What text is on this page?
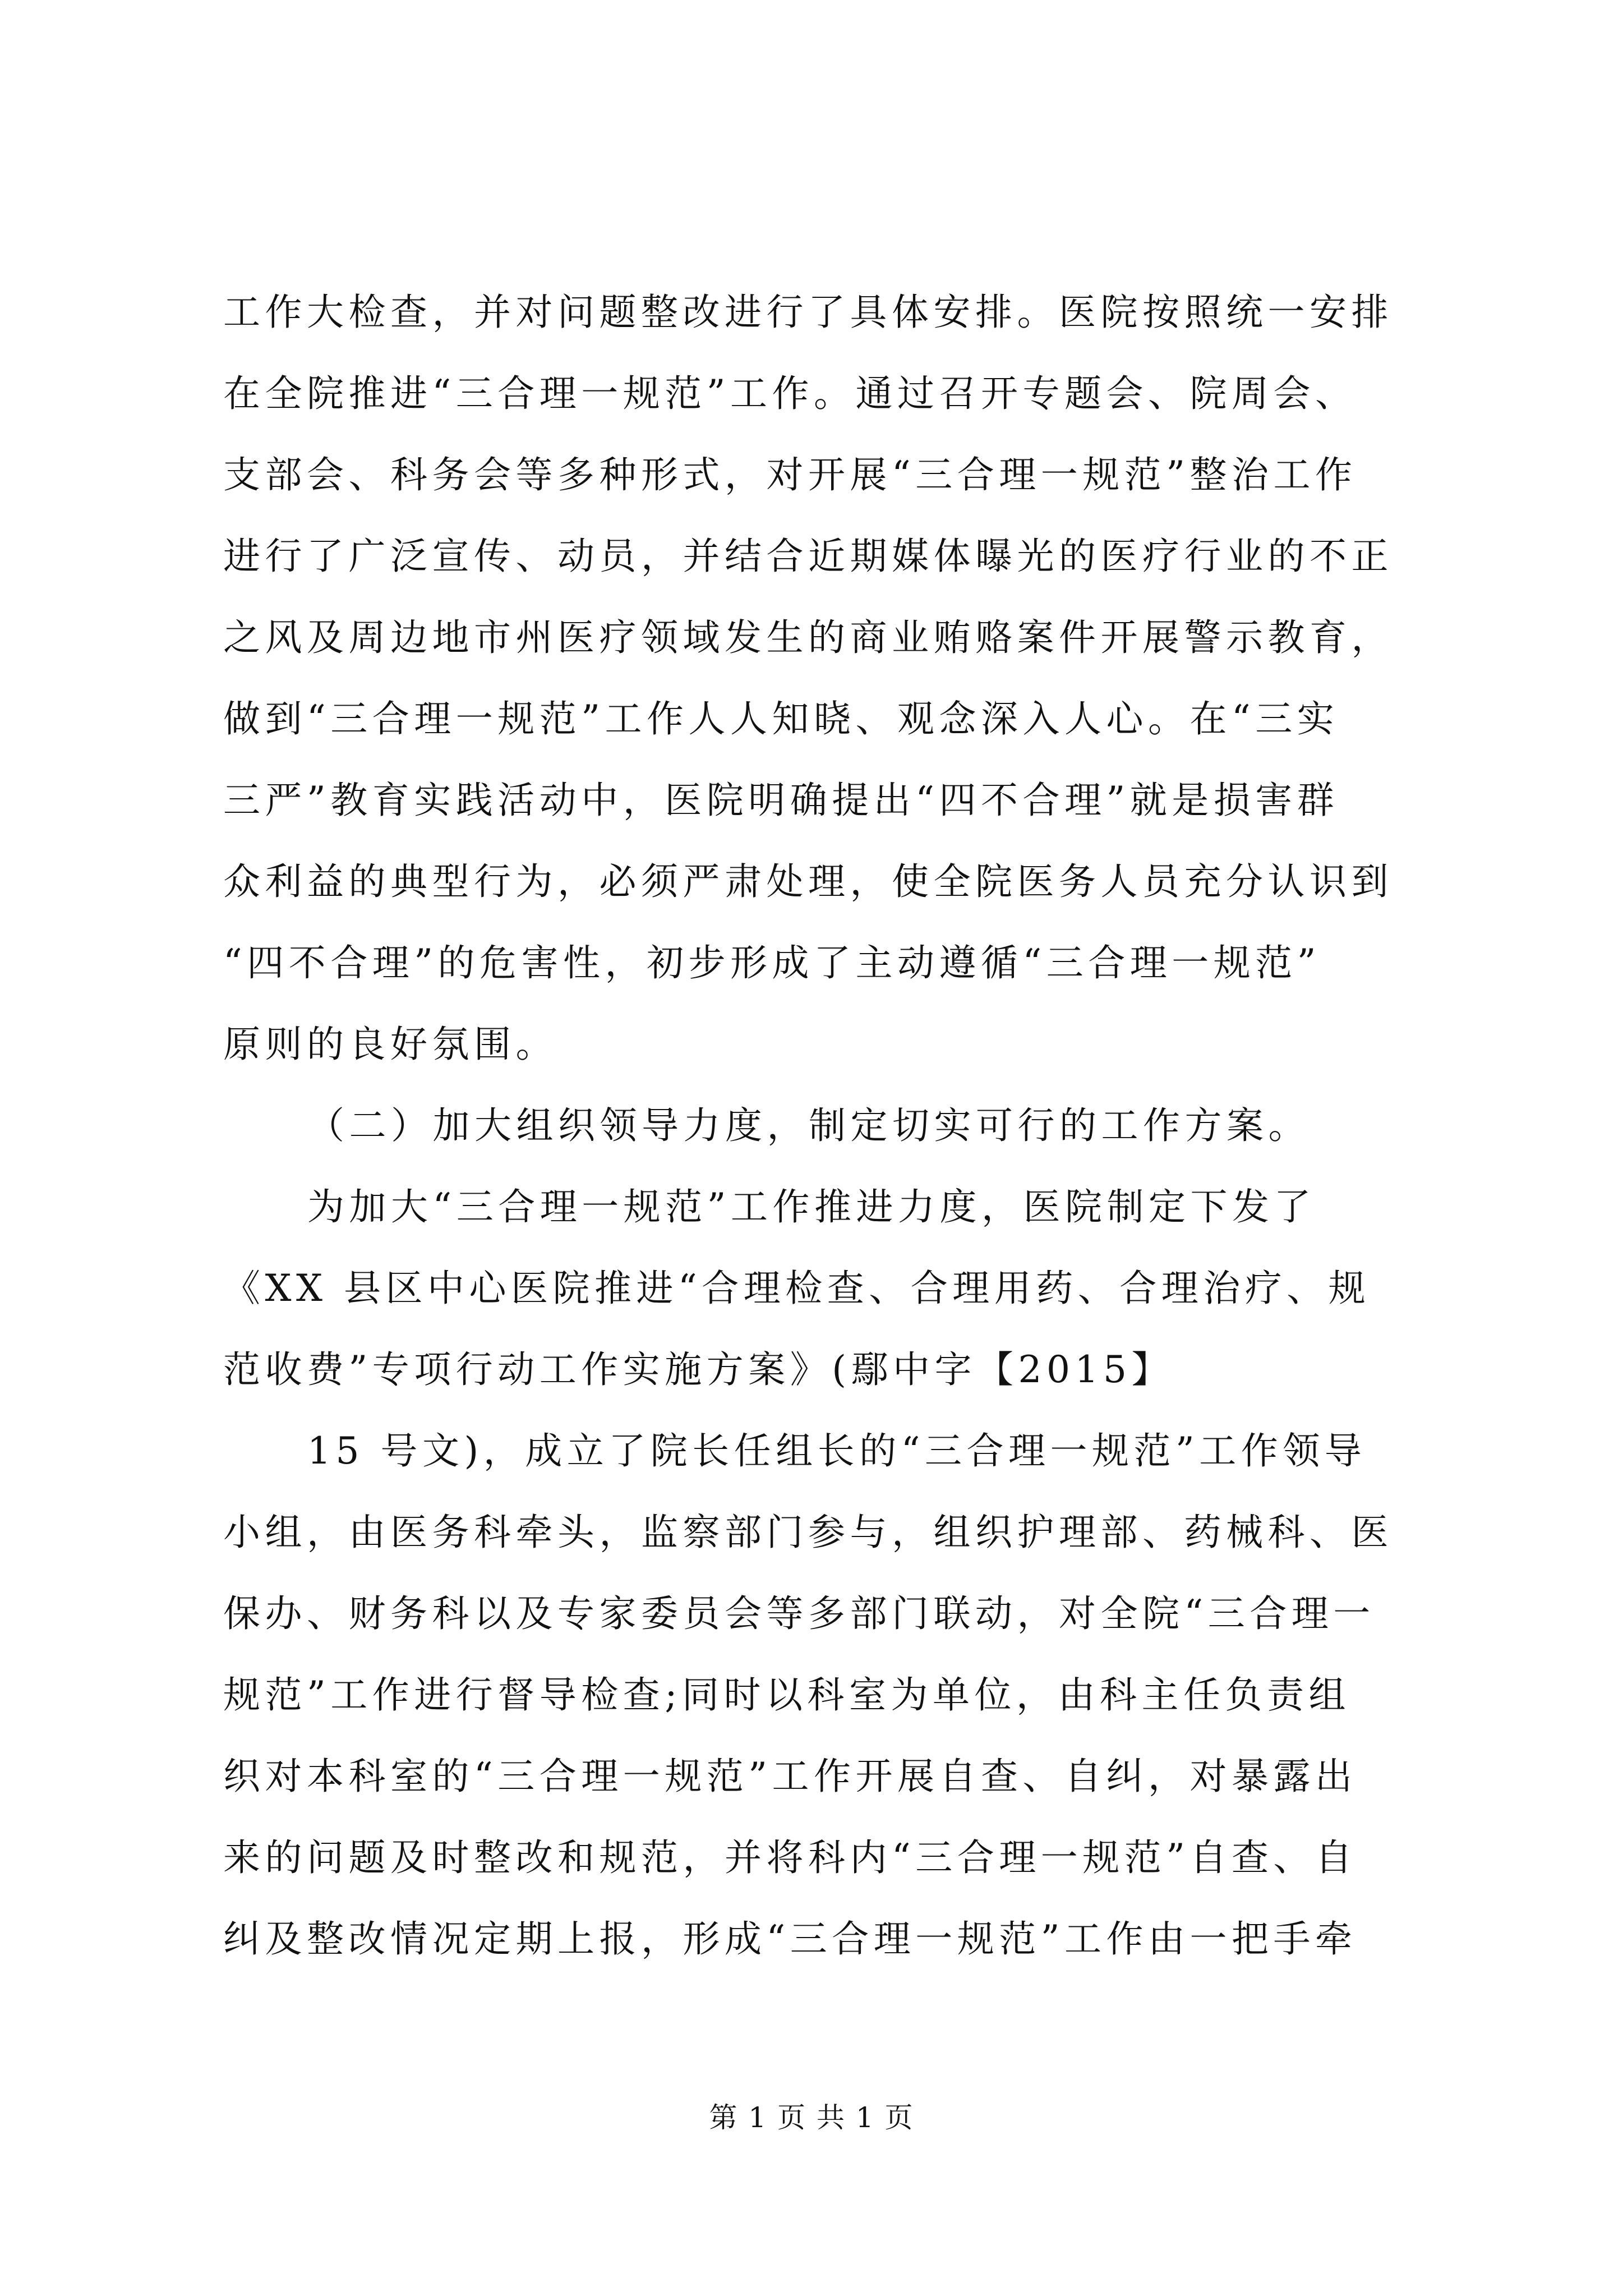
工作大检查，并对问题整改进行了具体安排。医院按照统一安排
在全院推进“三合理一规范”工作。通过召开专题会、院周会、
支部会、科务会等多种形式，对开展“三合理一规范”整治工作
进行了广泛宣传、动员，并结合近期媒体曝光的医疗行业的不正
之风及周边地市州医疗领域发生的商业贿赂案件开展警示教育，
做到“三合理一规范”工作人人知晓、观念深入人心。在“三实
三严”教育实践活动中，医院明确提出“四不合理”就是损害群
众利益的典型行为，必须严肃处理，使全院医务人员充分认识到
“四不合理”的危害性，初步形成了主动遵循“三合理一规范”
原则的良好氛围。
（二）加大组织领导力度，制定切实可行的工作方案。
为加大“三合理一规范”工作推进力度，医院制定下发了
《XX 县区中心医院推进“合理检查、合理用药、合理治疗、规
范收费”专项行动工作实施方案》(鄢中字【2015】
15 号文)，成立了院长任组长的“三合理一规范”工作领导
小组，由医务科牵头，监察部门参与，组织护理部、药械科、医
保办、财务科以及专家委员会等多部门联动，对全院“三合理一
规范”工作进行督导检查;同时以科室为单位，由科主任负责组
织对本科室的“三合理一规范”工作开展自查、自纠，对暴露出
来的问题及时整改和规范，并将科内“三合理一规范”自查、自
纠及整改情况定期上报，形成“三合理一规范”工作由一把手牵
第 1 页 共 1 页
